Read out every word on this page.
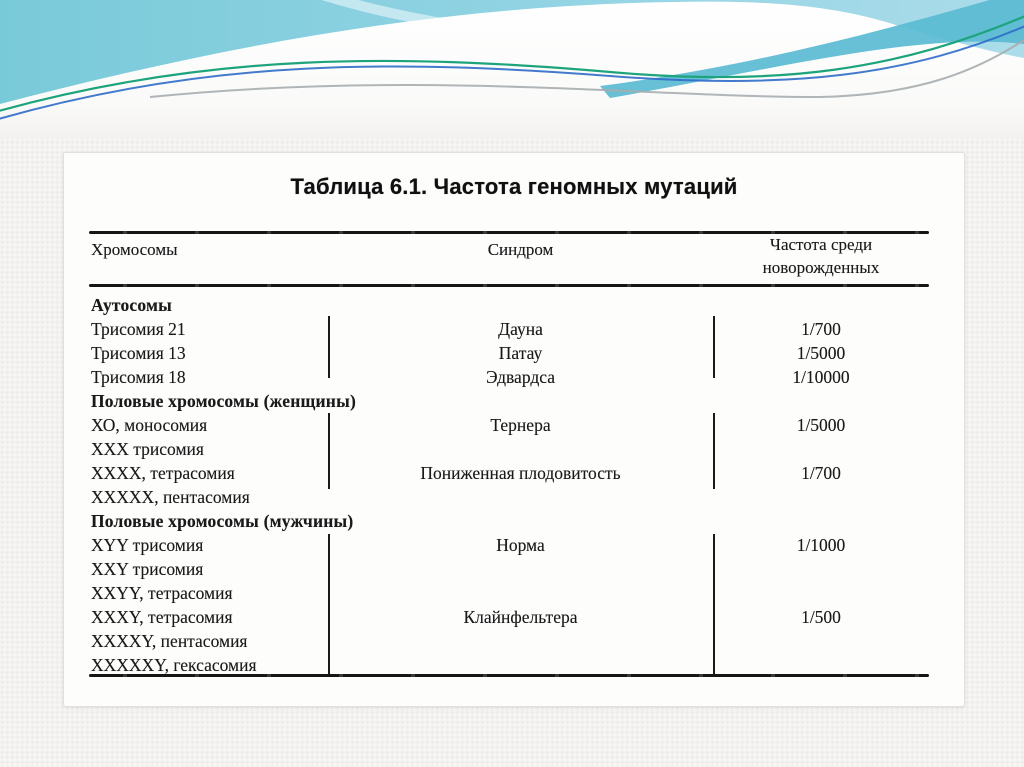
Таблица 6.1. Частота геномных мутаций
Хромосомы	Синдром	Частота среди
новорожденных
Аутосомы
Трисомия 21	Дауна	1/700
Трисомия 13	Патау	1/5000
Трисомия 18	Эдвардса	1/10000
Половые хромосомы (женщины)
ХО, моносомия	Тернера	1/5000
XXX трисомия
XXXX, тетрасомия	Пониженная плодовитость	1/700
XXXXX, пентасомия
Половые хромосомы (мужчины)
XYY трисомия	Норма	1/1000
XXY трисомия
XXYY, тетрасомия
XXXY, тетрасомия	Клайнфельтера	1/500
XXXXY, пентасомия
XXXXXY, гексасомия
